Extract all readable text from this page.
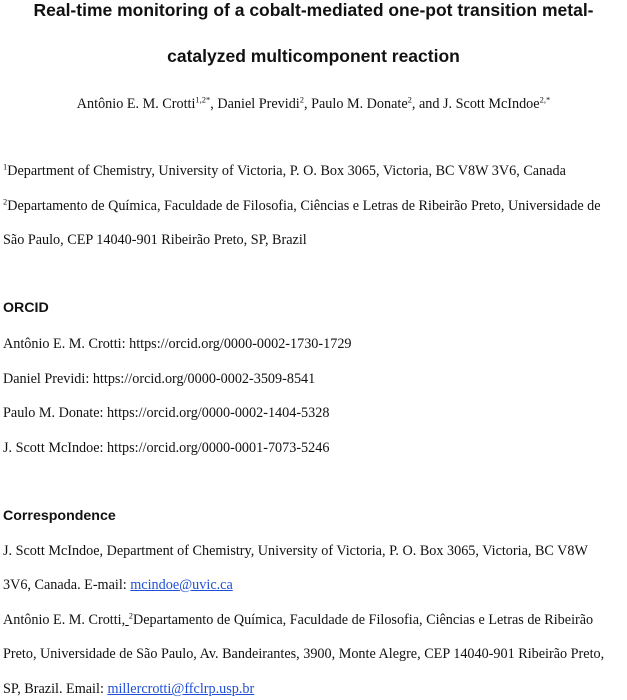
Real-time monitoring of a cobalt-mediated one-pot transition metal-
catalyzed multicomponent reaction
Antônio E. M. Crotti$^{1,2*}$, Daniel Previdi$^2$, Paulo M. Donate$^2$, and J. Scott McIndoe$^{2,*}$
$^1$Department of Chemistry, University of Victoria, P. O. Box 3065, Victoria, BC V8W 3V6, Canada
$^2$Departamento de Química, Faculdade de Filosofia, Ciências e Letras de Ribeirão Preto, Universidade de
São Paulo, CEP 14040-901 Ribeirão Preto, SP, Brazil
ORCID
Antônio E. M. Crotti: https://orcid.org/0000-0002-1730-1729
Daniel Previdi: https://orcid.org/0000-0002-3509-8541
Paulo M. Donate: https://orcid.org/0000-0002-1404-5328
J. Scott McIndoe: https://orcid.org/0000-0001-7073-5246
Correspondence
J. Scott McIndoe, Department of Chemistry, University of Victoria, P. O. Box 3065, Victoria, BC V8W
3V6, Canada. E-mail: mcindoe@uvic.ca
Antônio E. M. Crotti, $^2$Departamento de Química, Faculdade de Filosofia, Ciências e Letras de Ribeirão
Preto, Universidade de São Paulo, Av. Bandeirantes, 3900, Monte Alegre, CEP 14040-901 Ribeirão Preto,
SP, Brazil. Email: millercrotti@ffclrp.usp.br
